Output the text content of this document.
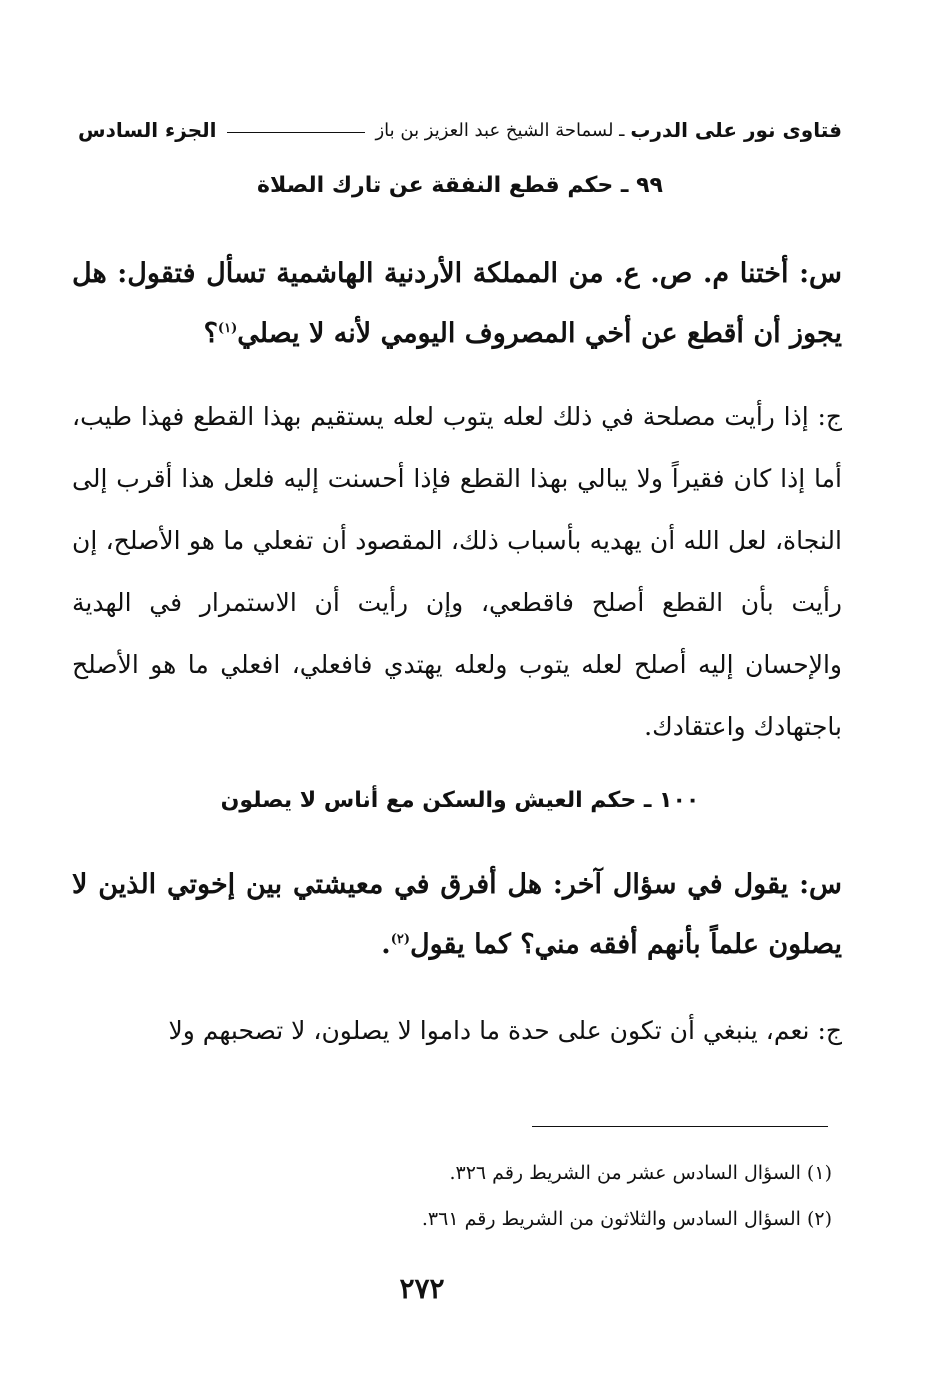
فتاوى نور على الدرب
ـ لسماحة الشيخ عبد العزيز بن باز
الجزء السادس
٩٩ ـ حكم قطع النفقة عن تارك الصلاة
س: أختنا م. ص. ع. من المملكة الأردنية الهاشمية تسأل فتقول: هل يجوز أن أقطع عن أخي المصروف اليومي لأنه لا يصلي$^{(١)}$؟
ج: إذا رأيت مصلحة في ذلك لعله يتوب لعله يستقيم بهذا القطع فهذا طيب، أما إذا كان فقيراً ولا يبالي بهذا القطع فإذا أحسنت إليه فلعل هذا أقرب إلى النجاة، لعل الله أن يهديه بأسباب ذلك، المقصود أن تفعلي ما هو الأصلح، إن رأيت بأن القطع أصلح فاقطعي، وإن رأيت أن الاستمرار في الهدية والإحسان إليه أصلح لعله يتوب ولعله يهتدي فافعلي، افعلي ما هو الأصلح باجتهادك واعتقادك.
١٠٠ ـ حكم العيش والسكن مع أناس لا يصلون
س: يقول في سؤال آخر: هل أفرق في معيشتي بين إخوتي الذين لا يصلون علماً بأنهم أفقه مني؟ كما يقول$^{(٢)}$.
ج: نعم، ينبغي أن تكون على حدة ما داموا لا يصلون، لا تصحبهم ولا
(١) السؤال السادس عشر من الشريط رقم ٣٢٦.
(٢) السؤال السادس والثلاثون من الشريط رقم ٣٦١.
٢٧٢
